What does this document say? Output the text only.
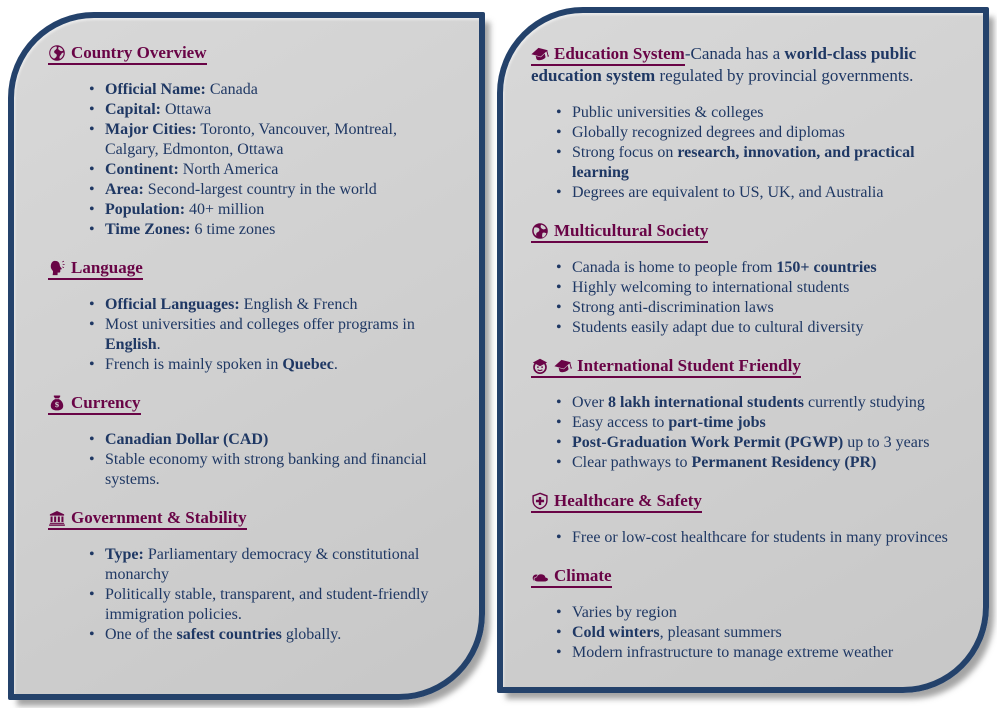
Country Overview
• Official Name: Canada
• Capital: Ottawa
• Major Cities: Toronto, Vancouver, Montreal, Calgary, Edmonton, Ottawa
• Continent: North America
• Area: Second-largest country in the world
• Population: 40+ million
• Time Zones: 6 time zones
Language
• Official Languages: English & French
• Most universities and colleges offer programs in English.
• French is mainly spoken in Quebec.
$ Currency
• Canadian Dollar (CAD)
• Stable economy with strong banking and financial systems.
Government & Stability
• Type: Parliamentary democracy & constitutional monarchy
• Politically stable, transparent, and student-friendly immigration policies.
• One of the safest countries globally.
Education System-Canada has a world-class public education system regulated by provincial governments.
• Public universities & colleges
• Globally recognized degrees and diplomas
• Strong focus on research, innovation, and practical learning
• Degrees are equivalent to US, UK, and Australia
Multicultural Society
• Canada is home to people from 150+ countries
• Highly welcoming to international students
• Strong anti-discrimination laws
• Students easily adapt due to cultural diversity
International Student Friendly
• Over 8 lakh international students currently studying
• Easy access to part-time jobs
• Post-Graduation Work Permit (PGWP) up to 3 years
• Clear pathways to Permanent Residency (PR)
Healthcare & Safety
• Free or low-cost healthcare for students in many provinces
Climate
• Varies by region
• Cold winters, pleasant summers
• Modern infrastructure to manage extreme weather
